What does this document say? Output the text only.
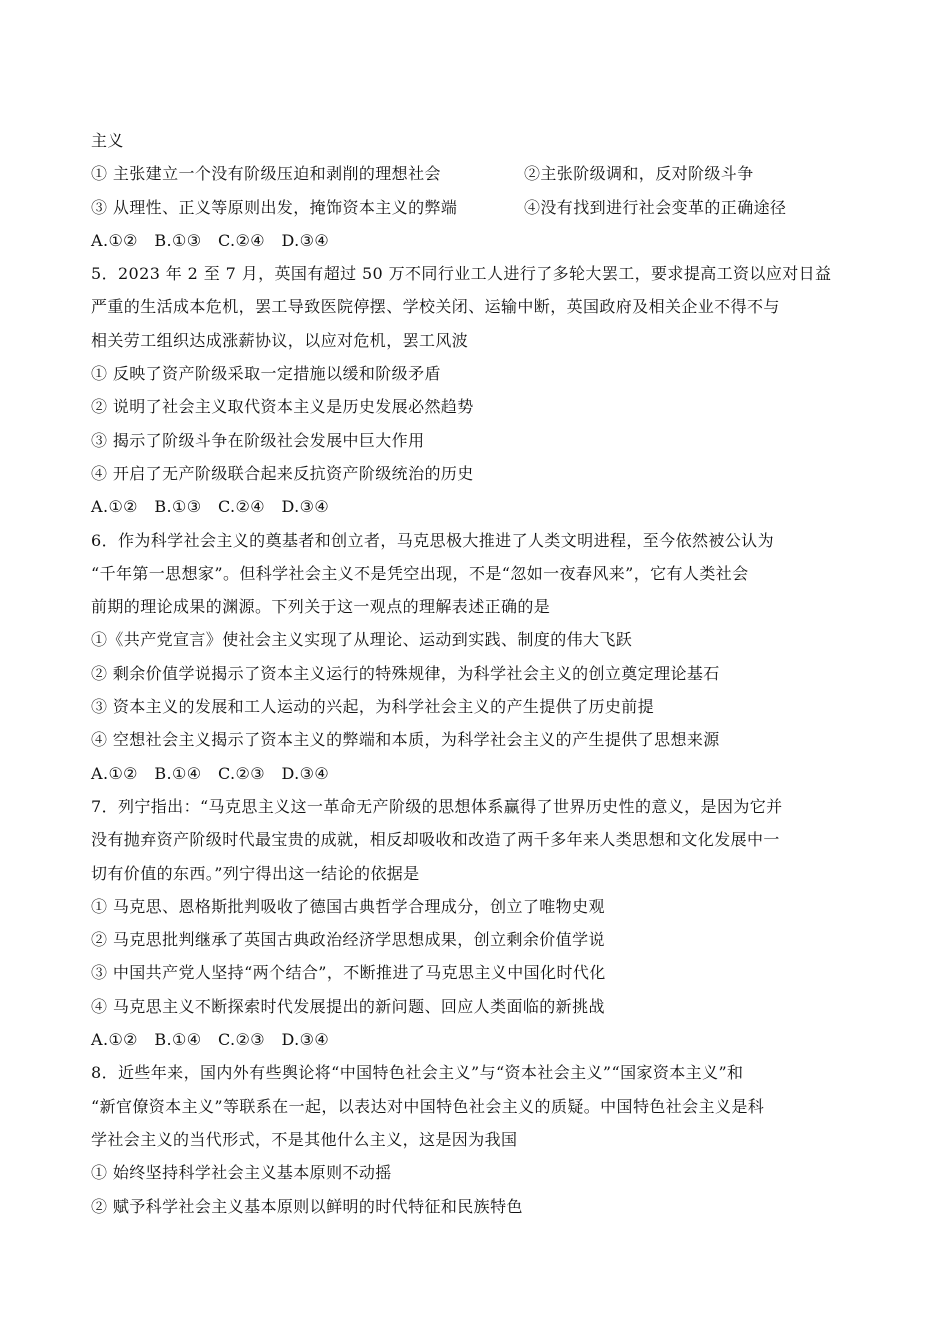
主义
① 主张建立一个没有阶级压迫和剥削的理想社会	②主张阶级调和，反对阶级斗争
③ 从理性、正义等原则出发，掩饰资本主义的弊端	④没有找到进行社会变革的正确途径
A.①②   B.①③   C.②④   D.③④
5．2023 年 2 至 7 月，英国有超过 50 万不同行业工人进行了多轮大罢工，要求提高工资以应对日益
严重的生活成本危机，罢工导致医院停摆、学校关闭、运输中断，英国政府及相关企业不得不与
相关劳工组织达成涨薪协议，以应对危机，罢工风波
① 反映了资产阶级采取一定措施以缓和阶级矛盾
② 说明了社会主义取代资本主义是历史发展必然趋势
③ 揭示了阶级斗争在阶级社会发展中巨大作用
④ 开启了无产阶级联合起来反抗资产阶级统治的历史
A.①②   B.①③   C.②④   D.③④
6．作为科学社会主义的奠基者和创立者，马克思极大推进了人类文明进程，至今依然被公认为
“千年第一思想家”。但科学社会主义不是凭空出现，不是“忽如一夜春风来”，它有人类社会
前期的理论成果的渊源。下列关于这一观点的理解表述正确的是
①《共产党宣言》使社会主义实现了从理论、运动到实践、制度的伟大飞跃
② 剩余价值学说揭示了资本主义运行的特殊规律，为科学社会主义的创立奠定理论基石
③ 资本主义的发展和工人运动的兴起，为科学社会主义的产生提供了历史前提
④ 空想社会主义揭示了资本主义的弊端和本质，为科学社会主义的产生提供了思想来源
A.①②   B.①④   C.②③   D.③④
7．列宁指出：“马克思主义这一革命无产阶级的思想体系赢得了世界历史性的意义，是因为它并
没有抛弃资产阶级时代最宝贵的成就，相反却吸收和改造了两千多年来人类思想和文化发展中一
切有价值的东西。”列宁得出这一结论的依据是
① 马克思、恩格斯批判吸收了德国古典哲学合理成分，创立了唯物史观
② 马克思批判继承了英国古典政治经济学思想成果，创立剩余价值学说
③ 中国共产党人坚持“两个结合”，不断推进了马克思主义中国化时代化
④ 马克思主义不断探索时代发展提出的新问题、回应人类面临的新挑战
A.①②   B.①④   C.②③   D.③④
8．近些年来，国内外有些舆论将“中国特色社会主义”与“资本社会主义”“国家资本主义”和
“新官僚资本主义”等联系在一起，以表达对中国特色社会主义的质疑。中国特色社会主义是科
学社会主义的当代形式，不是其他什么主义，这是因为我国
① 始终坚持科学社会主义基本原则不动摇
② 赋予科学社会主义基本原则以鲜明的时代特征和民族特色
